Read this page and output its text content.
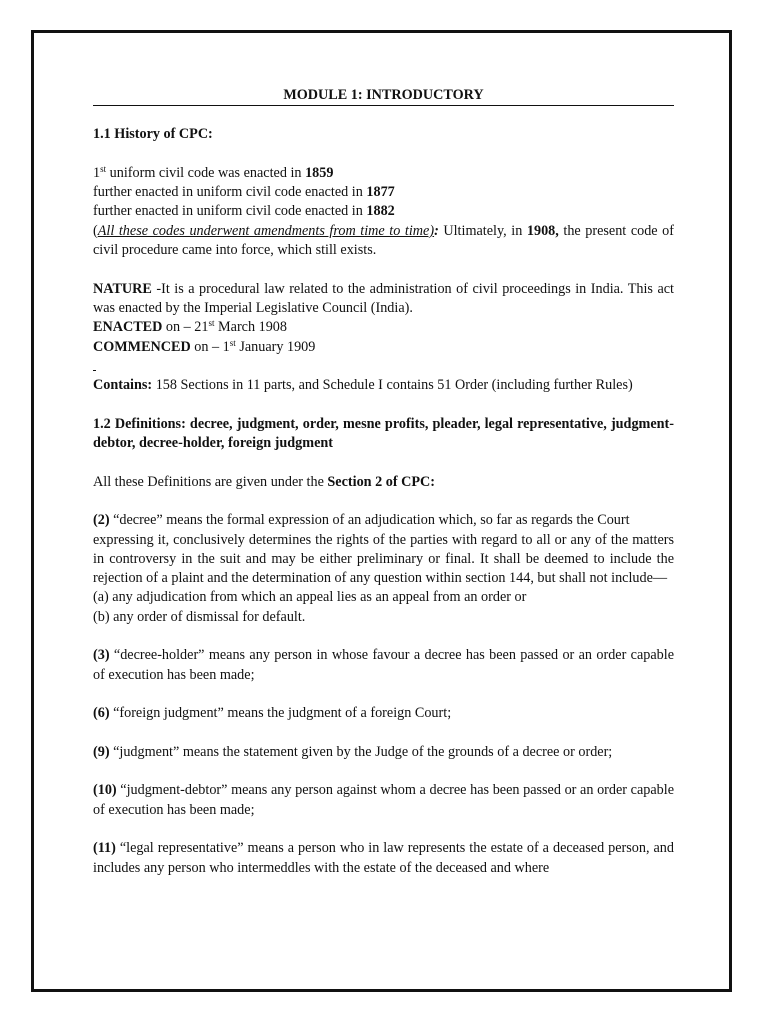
MODULE 1: INTRODUCTORY

1.1 History of CPC:

1st uniform civil code was enacted in 1859

further enacted in uniform civil code enacted in 1877

further enacted in uniform civil code enacted in 1882

(All these codes underwent amendments from time to time): Ultimately, in 1908, the present code of civil procedure came into force, which still exists.

NATURE -It is a procedural law related to the administration of civil proceedings in India. This act was enacted by the Imperial Legislative Council (India).

ENACTED on – 21st March 1908

COMMENCED on – 1st January 1909

Contains: 158 Sections in 11 parts, and Schedule I contains 51 Order (including further Rules)

1.2 Definitions: decree, judgment, order, mesne profits, pleader, legal representative, judgment-debtor, decree-holder, foreign judgment

All these Definitions are given under the Section 2 of CPC:

(2) “decree” means the formal expression of an adjudication which, so far as regards the Court

expressing it, conclusively determines the rights of the parties with regard to all or any of the matters in controversy in the suit and may be either preliminary or final. It shall be deemed to include the rejection of a plaint and the determination of any question within section 144, but shall not include—

(a) any adjudication from which an appeal lies as an appeal from an order or

(b) any order of dismissal for default.

(3) “decree-holder” means any person in whose favour a decree has been passed or an order capable of execution has been made;

(6) “foreign judgment” means the judgment of a foreign Court;

(9) “judgment” means the statement given by the Judge of the grounds of a decree or order;

(10) “judgment-debtor” means any person against whom a decree has been passed or an order capable of execution has been made;

(11) “legal representative” means a person who in law represents the estate of a deceased person, and includes any person who intermeddles with the estate of the deceased and where
